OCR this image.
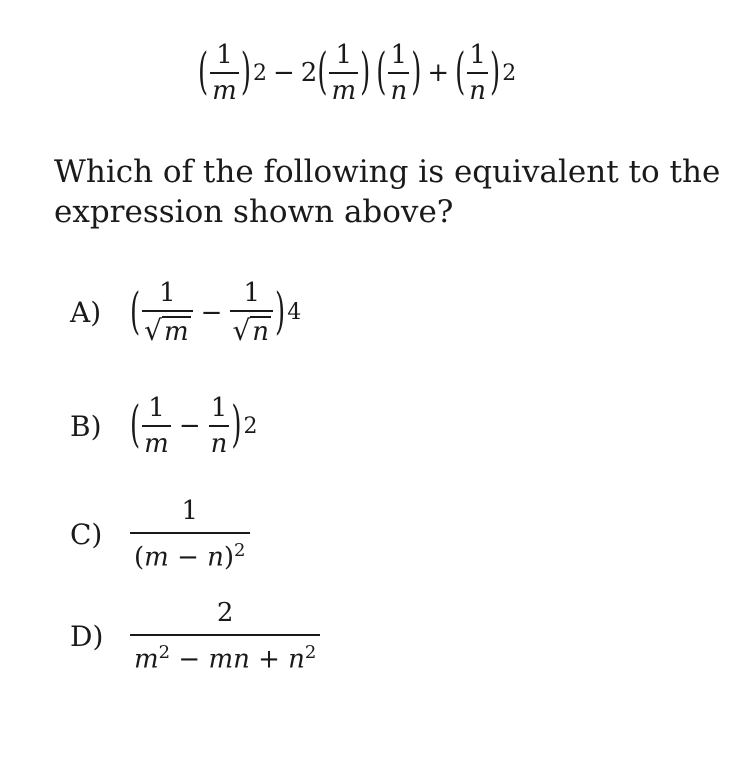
( $\frac{1}{m}$ ) 2 − 2 ( $\frac{1}{m}$ ) ( $\frac{1}{n}$ ) + ( $\frac{1}{n}$ ) 2
Which of the following is equivalent to the expression shown above?
A)	( $\frac{1}{√ m} - \frac{1}{√ n}$ ) 4
B)	( $\frac{1}{m} - \frac{1}{n}$ ) 2
C)	$\frac{1}{(m - n)^2}$
D)	$\frac{2}{m^2 - mn + n^2}$
